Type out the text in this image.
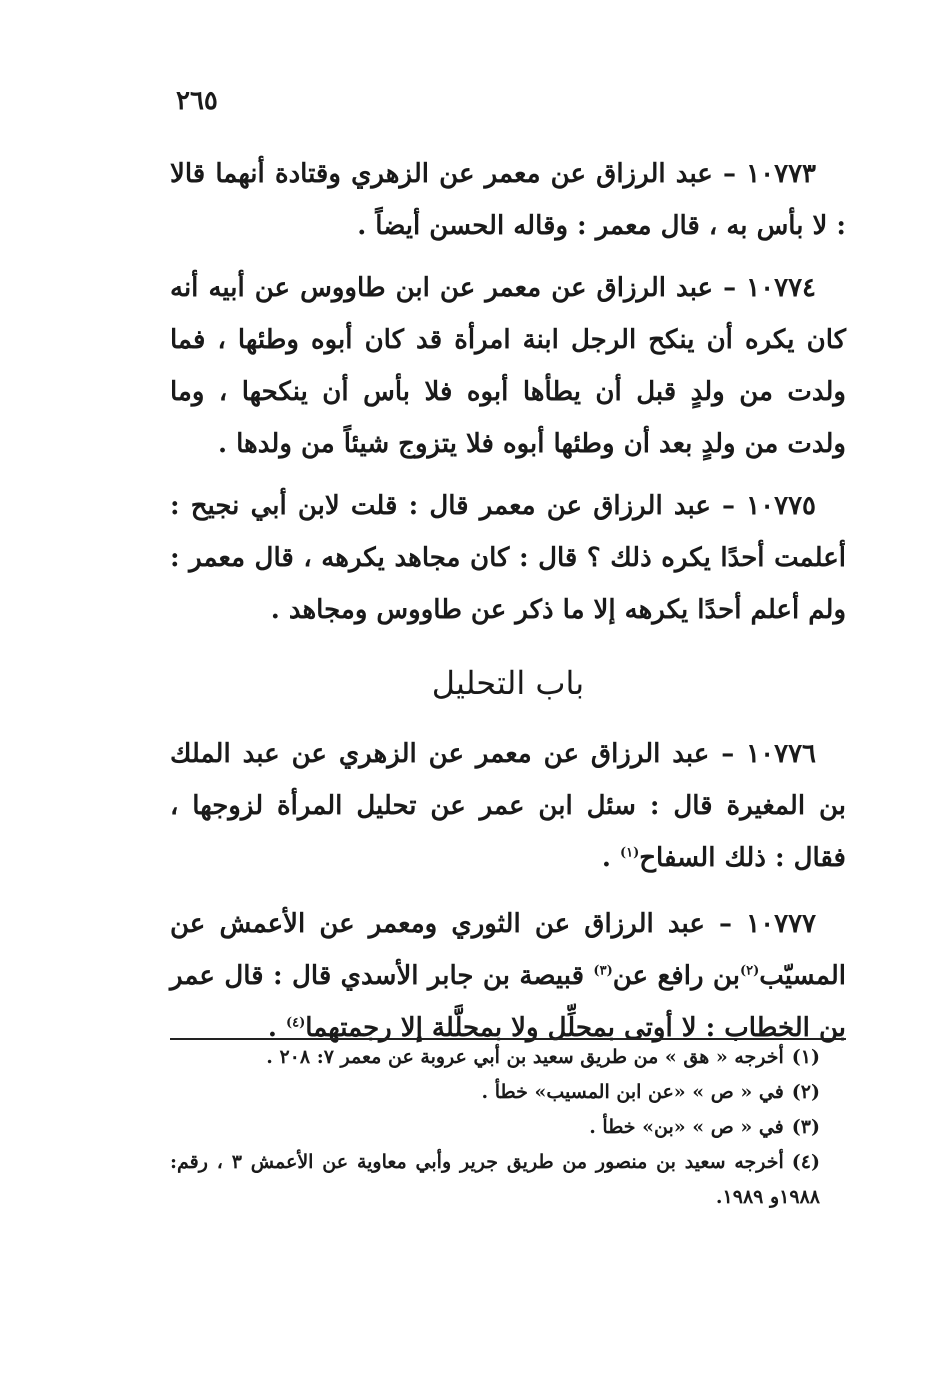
٢٦٥

١٠٧٧٣ – عبد الرزاق عن معمر عن الزهري وقتادة أنهما قالا : لا بأس به ، قال معمر : وقاله الحسن أيضاً .

١٠٧٧٤ – عبد الرزاق عن معمر عن ابن طاووس عن أبيه أنه كان يكره أن ينكح الرجل ابنة امرأة قد كان أبوه وطئها ، فما ولدت من ولدٍ قبل أن يطأها أبوه فلا بأس أن ينكحها ، وما ولدت من ولدٍ بعد أن وطئها أبوه فلا يتزوج شيئاً من ولدها .

١٠٧٧٥ – عبد الرزاق عن معمر قال : قلت لابن أبي نجيح : أعلمت أحدًا يكره ذلك ؟ قال : كان مجاهد يكرهه ، قال معمر : ولم أعلم أحدًا يكرهه إلا ما ذكر عن طاووس ومجاهد .

باب التحليل

١٠٧٧٦ – عبد الرزاق عن معمر عن الزهري عن عبد الملك بن المغيرة قال : سئل ابن عمر عن تحليل المرأة لزوجها ، فقال : ذلك السفاح$^{(١)}$ .

١٠٧٧٧ – عبد الرزاق عن الثوري ومعمر عن الأعمش عن المسيّب$^{(٢)}$بن رافع عن$^{(٣)}$ قبيصة بن جابر الأسدي قال : قال عمر بن الخطاب : لا أوتى بمحلِّل ولا بمحلَّلة إلا رجمتهما$^{(٤)}$ .

(١)أخرجه « هق » من طريق سعيد بن أبي عروبة عن معمر ٧: ٢٠٨ .

(٢)في « ص » «عن ابن المسيب» خطأ .

(٣)في « ص » «بن» خطأ .

(٤)أخرجه سعيد بن منصور من طريق جرير وأبي معاوية عن الأعمش ٣ ، رقم: ١٩٨٨و ١٩٨٩.
